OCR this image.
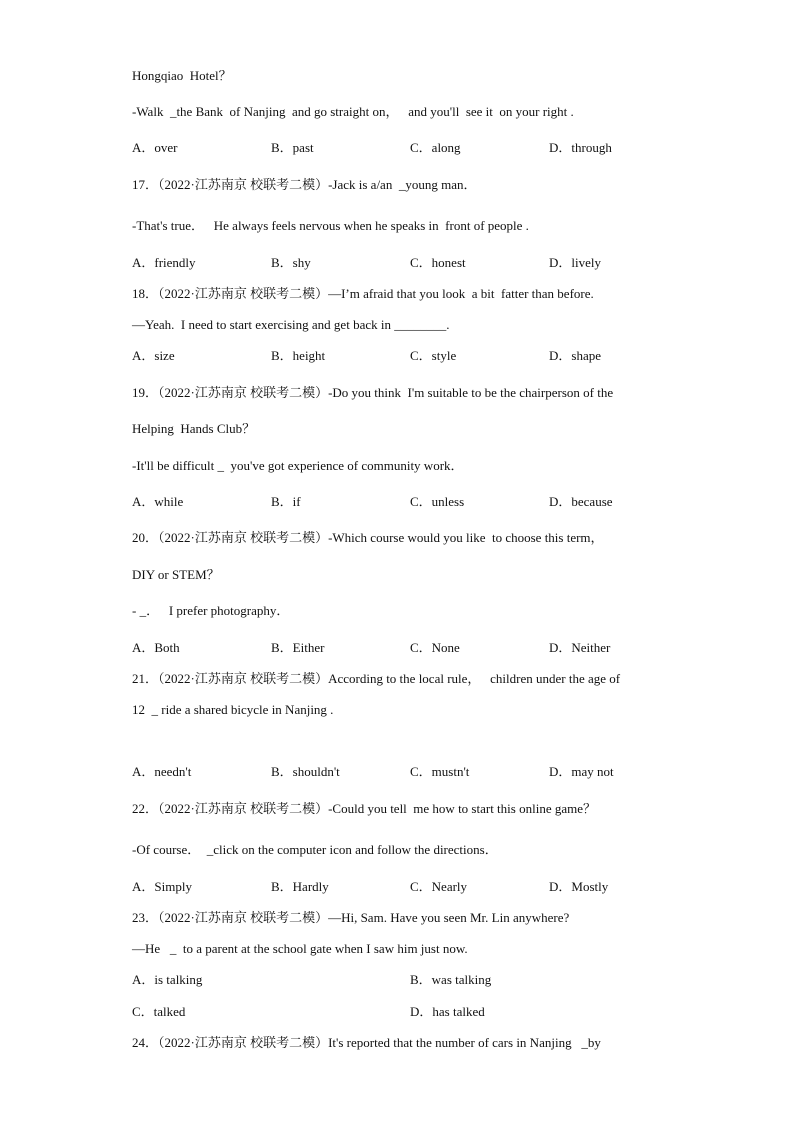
Hongqiao  Hotel？
-Walk  _the Bank  of Nanjing  and go straight on，   and you'll  see it  on your right .
A．over	B．past	C．along	D．through
17．（2022·江苏南京 校联考二模）-Jack is a/an  _young man．
-That's true．   He always feels nervous when he speaks in  front of people .
A．friendly	B．shy	C．honest	D．lively
18．（2022·江苏南京 校联考二模）—I’m afraid that you look  a bit  fatter than before.
—Yeah.  I need to start exercising and get back in ________.
A．size	B．height	C．style	D．shape
19．（2022·江苏南京 校联考二模）-Do you think  I'm suitable to be the chairperson of the
Helping  Hands Club？
-It'll be difficult _  you've got experience of community work．
A．while	B．if	C．unless	D．because
20．（2022·江苏南京 校联考二模）-Which course would you like  to choose this term，
DIY or STEM？
- _．   I prefer photography．
A．Both	B．Either	C．None	D．Neither
21．（2022·江苏南京 校联考二模）According to the local rule，   children under the age of
12  _ ride a shared bicycle in Nanjing .
A．needn't	B．shouldn't	C．mustn't	D．may not
22．（2022·江苏南京 校联考二模）-Could you tell  me how to start this online game？
-Of course．  _click on the computer icon and follow the directions．
A．Simply	B．Hardly	C．Nearly	D．Mostly
23．（2022·江苏南京 校联考二模）—Hi, Sam. Have you seen Mr. Lin anywhere?
—He   _  to a parent at the school gate when I saw him just now.
A．is talking	B．was talking
C．talked	D．has talked
24．（2022·江苏南京 校联考二模）It's reported that the number of cars in Nanjing   _by
